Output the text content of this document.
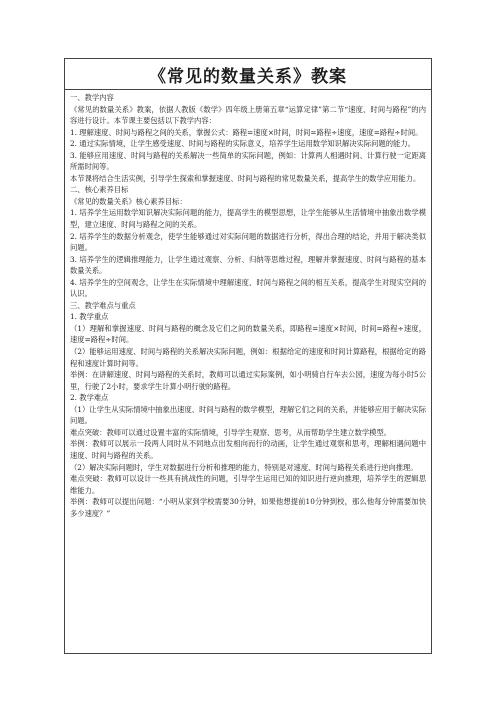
《常见的数量关系》教案

一、教学内容

《常见的数量关系》教案，依据人教版《数学》四年级上册第五章“运算定律”第二节“速度、时间与路程”的内容进行设计。本节课主要包括以下教学内容：

1. 理解速度、时间与路程之间的关系，掌握公式：路程=速度×时间，时间=路程÷速度，速度=路程÷时间。

2. 通过实际情境，让学生感受速度、时间与路程的实际意义，培养学生运用数学知识解决实际问题的能力。

3. 能够应用速度、时间与路程的关系解决一些简单的实际问题，例如：计算两人相遇时间、计算行驶一定距离所需时间等。

本节课将结合生活实例，引导学生探索和掌握速度、时间与路程的常见数量关系，提高学生的数学应用能力。

二、核心素养目标

《常见的数量关系》核心素养目标：

1. 培养学生运用数学知识解决实际问题的能力，提高学生的模型思想，让学生能够从生活情境中抽象出数学模型，建立速度、时间与路程之间的关系。

2. 培养学生的数据分析观念，使学生能够通过对实际问题的数据进行分析，得出合理的结论，并用于解决类似问题。

3. 培养学生的逻辑推理能力，让学生通过观察、分析、归纳等思维过程，理解并掌握速度、时间与路程的基本数量关系。

4. 培养学生的空间观念，让学生在实际情境中理解速度、时间与路程之间的相互关系，提高学生对现实空间的认识。

三、教学难点与重点

1. 教学重点

（1）理解和掌握速度、时间与路程的概念及它们之间的数量关系，即路程=速度×时间，时间=路程÷速度，速度=路程÷时间。

（2）能够运用速度、时间与路程的关系解决实际问题，例如：根据给定的速度和时间计算路程，根据给定的路程和速度计算时间等。

举例：在讲解速度、时间与路程的关系时，教师可以通过实际案例，如小明骑自行车去公园，速度为每小时5公里，行驶了2小时，要求学生计算小明行驶的路程。

2. 教学难点

（1）让学生从实际情境中抽象出速度、时间与路程的数学模型，理解它们之间的关系，并能够应用于解决实际问题。

难点突破：教师可以通过设置丰富的实际情境，引导学生观察、思考，从而帮助学生建立数学模型。

举例：教师可以展示一段两人同时从不同地点出发相向而行的动画，让学生通过观察和思考，理解相遇问题中速度、时间与路程的关系。

（2）解决实际问题时，学生对数据进行分析和推理的能力，特别是对速度、时间与路程关系进行逆向推理。

难点突破：教师可以设计一些具有挑战性的问题，引导学生运用已知的知识进行逆向推理，培养学生的逻辑思维能力。

举例：教师可以提出问题：“小明从家到学校需要30分钟，如果他想提前10分钟到校，那么他每分钟需要加快多少速度？”
